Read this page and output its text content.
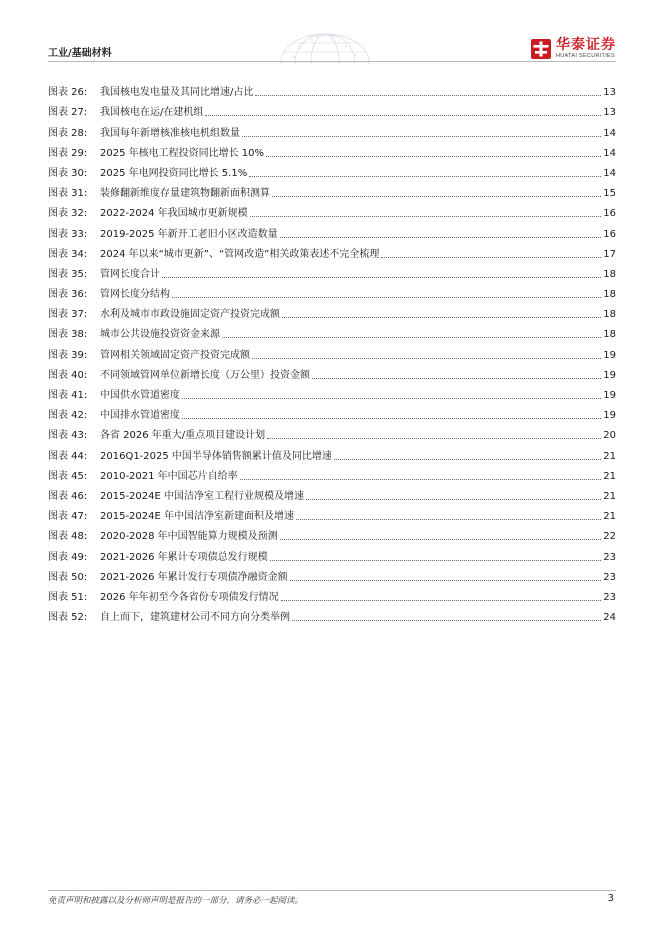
工业/基础材料
华泰证券
HUATAI SECURITIES
图表 26:	我国核电发电量及其同比增速/占比	13
图表 27:	我国核电在运/在建机组	13
图表 28:	我国每年新增核准核电机组数量	14
图表 29:	2025 年核电工程投资同比增长 10%	14
图表 30:	2025 年电网投资同比增长 5.1%	14
图表 31:	装修翻新维度存量建筑物翻新面积测算	15
图表 32:	2022-2024 年我国城市更新规模	16
图表 33:	2019-2025 年新开工老旧小区改造数量	16
图表 34:	2024 年以来“城市更新”、“管网改造”相关政策表述不完全梳理	17
图表 35:	管网长度合计	18
图表 36:	管网长度分结构	18
图表 37:	水利及城市市政设施固定资产投资完成额	18
图表 38:	城市公共设施投资资金来源	18
图表 39:	管网相关领域固定资产投资完成额	19
图表 40:	不同领域管网单位新增长度（万公里）投资金额	19
图表 41:	中国供水管道密度	19
图表 42:	中国排水管道密度	19
图表 43:	各省 2026 年重大/重点项目建设计划	20
图表 44:	2016Q1-2025 中国半导体销售额累计值及同比增速	21
图表 45:	2010-2021 年中国芯片自给率	21
图表 46:	2015-2024E 中国洁净室工程行业规模及增速	21
图表 47:	2015-2024E 年中国洁净室新建面积及增速	21
图表 48:	2020-2028 年中国智能算力规模及预测	22
图表 49:	2021-2026 年累计专项债总发行规模	23
图表 50:	2021-2026 年累计发行专项债净融资金额	23
图表 51:	2026 年年初至今各省份专项债发行情况	23
图表 52:	自上而下，建筑建材公司不同方向分类举例	24
免责声明和披露以及分析师声明是报告的一部分，请务必一起阅读。	3
